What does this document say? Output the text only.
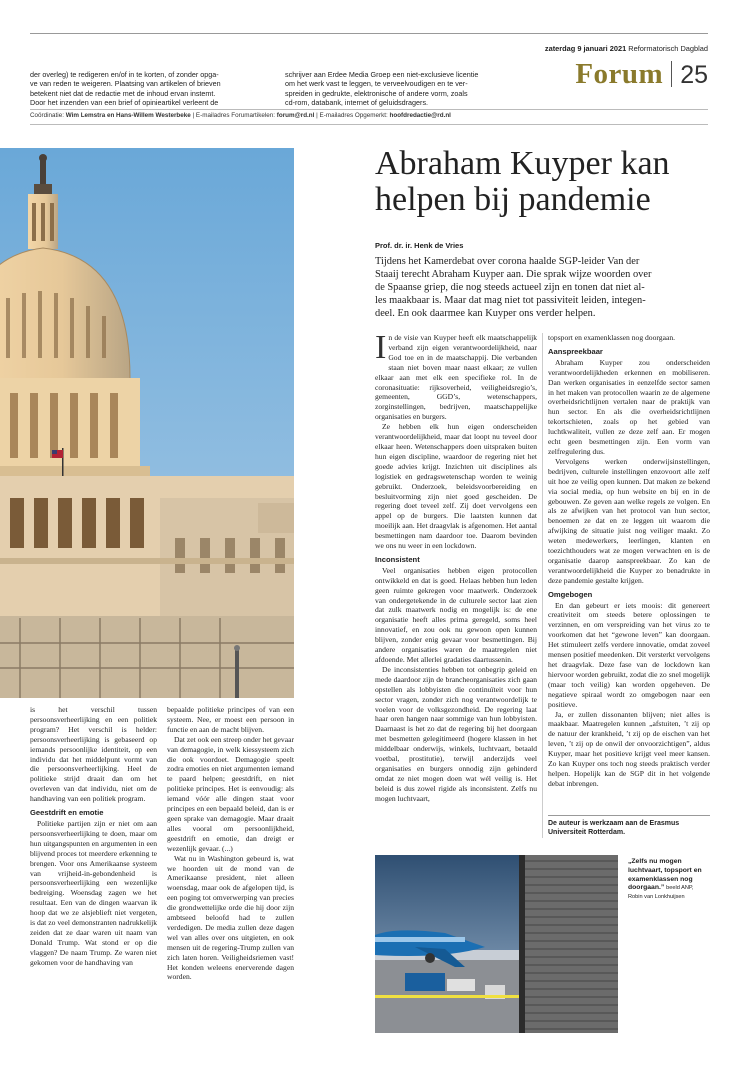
zaterdag 9 januari 2021 Reformatorisch Dagblad
Forum 25
der overleg) te redigeren en/of in te korten, of zonder opga-
ve van reden te weigeren. Plaatsing van artikelen of brieven
betekent niet dat de redactie met de inhoud ervan instemt.
Door het inzenden van een brief of opinieartikel verleent de
schrijver aan Erdee Media Groep een niet-exclusieve licentie
om het werk vast te leggen, te verveelvoudigen en te ver-
spreiden in gedrukte, elektronische of andere vorm, zoals
cd-rom, databank, internet of geluidsdragers.
Coördinatie: Wim Lemstra en Hans-Willem Westerbeke | E-mailadres Forumartikelen: forum@rd.nl | E-mailadres Opgemerkt: hoofdredactie@rd.nl
Abraham Kuyper kan
helpen bij pandemie
Prof. dr. ir. Henk de Vries
Tijdens het Kamerdebat over corona haalde SGP-leider Van der
Staaij terecht Abraham Kuyper aan. Die sprak wijze woorden over
de Spaanse griep, die nog steeds actueel zijn en tonen dat niet al-
les maakbaar is. Maar dat mag niet tot passiviteit leiden, integen-
deel. En ook daarmee kan Kuyper ons verder helpen.

In de visie van Kuyper heeft elk maatschappelijk verband zijn eigen verantwoordelijkheid, naar God toe en in de maatschappij. Die verbanden staan niet boven maar naast elkaar; ze vullen elkaar aan met elk een specifieke rol. In de coronasituatie: rijksoverheid, veiligheidsregio’s, gemeenten, GGD’s, wetenschappers, zorginstellingen, bedrijven, maatschappelijke organisaties en burgers.

Ze hebben elk hun eigen onderscheiden verantwoordelijkheid, maar dat loopt nu teveel door elkaar heen. Wetenschappers doen uitspraken buiten hun eigen discipline, waardoor de regering niet het goede advies krijgt. Inzichten uit disciplines als logistiek en gedragswetenschap worden te weinig gebruikt. Onderzoek, beleidsvoorbereiding en besluitvorming zijn niet goed gescheiden. De regering doet teveel zelf. Zij doet vervolgens een appel op de burgers. Die laatsten kunnen dat moeilijk aan. Het draagvlak is afgenomen. Het aantal besmettingen nam daardoor toe. Daarom bevinden we ons nu weer in een lockdown.

Inconsistent

Veel organisaties hebben eigen protocollen ontwikkeld en dat is goed. Helaas hebben hun leden geen ruimte gekregen voor maatwerk. Onderzoek van ondergetekende in de culturele sector laat zien dat zulk maatwerk nodig en mogelijk is: de ene organisatie heeft alles prima geregeld, soms heel innovatief, en zou ook nu gewoon open kunnen blijven, zonder enig gevaar voor besmettingen. Bij andere organisaties waren de maatregelen niet afdoende. Met allerlei gradaties daartussenin.

De inconsistenties hebben tot onbegrip geleid en mede daardoor zijn de branchеorganisaties zich gaan opstellen als lobbyisten die continuïteit voor hun sector vragen, zonder zich nog verantwoordelijk te voelen voor de volksgezondheid. De regering laat haar oren hangen naar sommige van hun lobbyisten. Daarnaast is het zo dat de regering bij het doorgaan met besmetten gelegitimeerd (hogere klassen in het middelbaar onderwijs, winkels, luchtvaart, betaald voetbal, prostitutie), terwijl anderzijds veel organisaties en burgers onnodig zijn gehinderd omdat ze niet mogen doen wat wél veilig is. Het beleid is dus zowel rigide als inconsistent. Zelfs nu mogen luchtvaart,

topsport en examenklassen nog doorgaan.

Aanspreekbaar

Abraham Kuyper zou onderscheiden verantwoordelijkheden erkennen en mobiliseren. Dan werken organisaties in eenzelfde sector samen in het maken van protocollen waarin ze de algemene overheidsrichtlijnen vertalen naar de praktijk van hun sector. En als die overheidsrichtlijnen tekortschieten, zoals op het gebied van luchtkwaliteit, vullen ze deze zelf aan. Er mogen echt geen besmettingen zijn. Een vorm van zelfregulering dus.

Vervolgens werken onderwijsinstellingen, bedrijven, culturele instellingen enzovoort alle zelf uit hoe ze veilig open kunnen. Dat maken ze bekend via social media, op hun website en bij en in de gebouwen. Ze geven aan welke regels ze volgen. En als ze afwijken van het protocol van hun sector, benoemen ze dat en ze leggen uit waarom die afwijking de situatie juist nog veiliger maakt. Zo weten medewerkers, leerlingen, klanten en toezichthouders wat ze mogen verwachten en is de organisatie daarop aanspreekbaar. Zo kan de verantwoordelijkheid die Kuyper zo benadrukte in deze pandemie gestalte krijgen.

Omgebogen

En dan gebeurt er iets moois: dit genereert creativiteit om steeds betere oplossingen te verzinnen, en om verspreiding van het virus zo te voorkomen dat het “gewone leven” kan doorgaan. Het stimuleert zelfs verdere innovatie, omdat zoveel mensen positief meedenken. Dit versterkt vervolgens het draagvlak. Deze fase van de lockdown kan hiervoor worden gebruikt, zodat die zo snel mogelijk (maar toch veilig) kan worden opgeheven. De negatieve spiraal wordt zo omgebogen naar een positieve.

Ja, er zullen dissonanten blijven; niet alles is maakbaar. Maatregelen kunnen „afstuiten, ’t zij op de natuur der krankheid, ’t zij op de eischen van het leven, ’t zij op de onwil der onvoorzichtigen”, aldus Kuyper, maar het positieve krijgt veel meer kansen. Zo kan Kuyper ons toch nog steeds praktisch verder helpen. Hopelijk kan de SGP dit in het volgende debat inbrengen.

De auteur is werkzaam aan de Erasmus Universiteit Rotterdam.
„Zelfs nu mogen luchtvaart, topsport en examenklassen nog doorgaan.” beeld ANP,
Robin van Lonkhuijsen

is het verschil tussen persoonsverheerlijking en een politiek program? Het verschil is helder: persoonsverheerlijking is gebaseerd op iemands persoonlijke identiteit, op een individu dat het middelpunt vormt van die persoonsverheerlijking. Heel de politieke strijd draait dan om het overleven van dat individu, niet om de handhaving van een politiek program.

Geestdrift en emotie

Politieke partijen zijn er niet om aan persoonsverheerlijking te doen, maar om hun uitgangspunten en argumenten in een blijvend proces tot meerdere erkenning te brengen. Voor ons Amerikaanse systeem van vrijheid-in-gebondenheid is persoonsverheerlijking een wezenlijke bedreiging. Woensdag zagen we het resultaat. Een van de dingen waarvan ik hoop dat we ze alsjeblieft niet vergeten, is dat zo veel demonstranten nadrukkelijk zeiden dat ze daar waren uit naam van Donald Trump. Wat stond er op die vlaggen? De naam Trump. Ze waren niet gekomen voor de handhaving van

bepaalde politieke principes of van een systeem. Nee, er moest een persoon in functie en aan de macht blijven.

Dat zet ook een streep onder het gevaar van demagogie, in welk kiessysteem zich die ook voordoet. Demagogie speelt zodra emoties en niet argumenten iemand te paard helpen; geestdrift, en niet politieke principes. Het is eenvoudig: als iemand vóór alle dingen staat voor principes en een bepaald beleid, dan is er geen sprake van demagogie. Maar draait alles vooral om persoonlijkheid, geestdrift en emotie, dan dreigt er wezenlijk gevaar. (...)

Wat nu in Washington gebeurd is, wat we hoorden uit de mond van de Amerikaanse president, niet alleen woensdag, maar ook de afgelopen tijd, is een poging tot omverwerping van precies die grondwettelijke orde die hij door zijn ambtseed beloofd had te zullen verdedigen. De media zullen deze dagen wel van alles over ons uitgieten, en ook mensen uit de regering-Trump zullen van zich laten horen. Veiligheidsriemen vast! Het konden weleens enerverende dagen worden.
